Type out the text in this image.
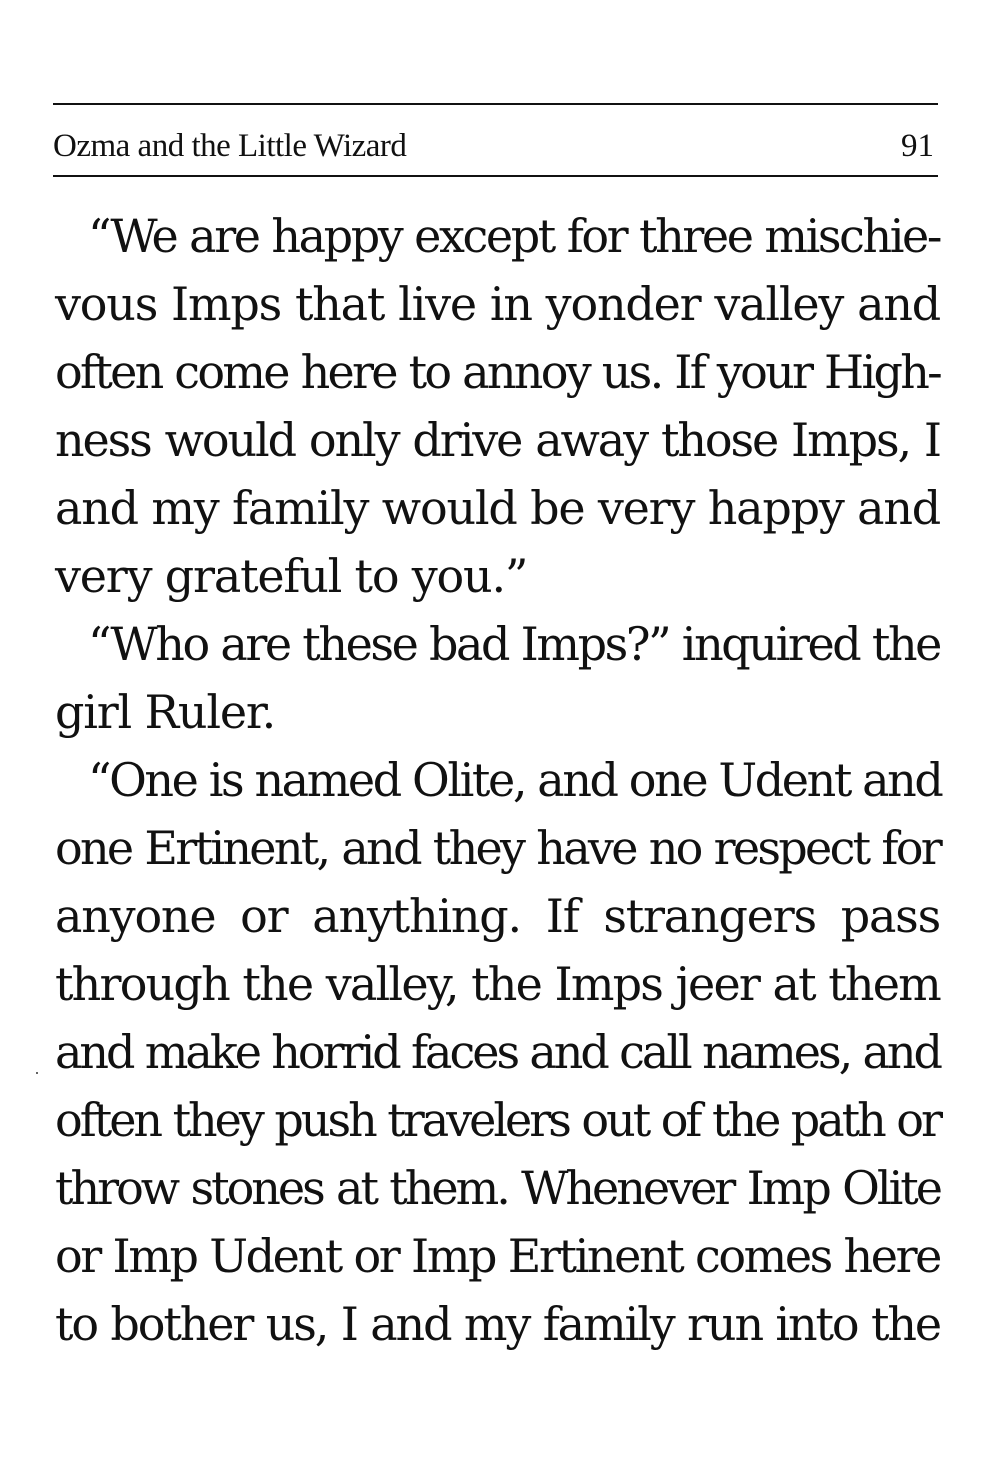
Ozma and the Little Wizard	91
“We are happy except for three mischie-
vous Imps that live in yonder valley and
often come here to annoy us. If your High-
ness would only drive away those Imps, I
and my family would be very happy and
very grateful to you.”
“Who are these bad Imps?” inquired the
girl Ruler.
“One is named Olite, and one Udent and
one Ertinent, and they have no respect for
anyone or anything. If strangers pass
through the valley, the Imps jeer at them
and make horrid faces and call names, and
often they push travelers out of the path or
throw stones at them. Whenever Imp Olite
or Imp Udent or Imp Ertinent comes here
to bother us, I and my family run into the
